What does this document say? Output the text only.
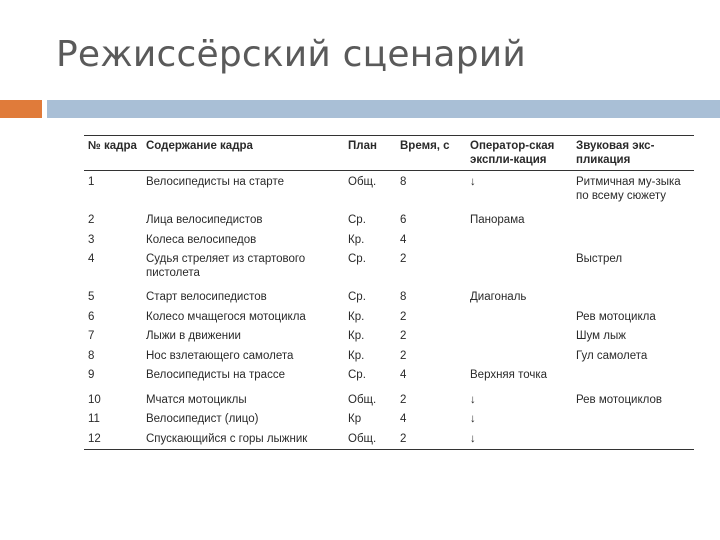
Режиссёрский сценарий
№ кадра	Содержание кадра	План	Время, с	Оператор-ская экспли-кация	Звуковая экс-пликация
1	Велосипедисты на старте	Общ.	8	↓	Ритмичная му-зыка по всему сюжету
2	Лица велосипедистов	Ср.	6	Панорама	
3	Колеса велосипедов	Кр.	4		
4	Судья стреляет из стартового пистолета	Ср.	2		Выстрел
5	Старт велосипедистов	Ср.	8	Диагональ	
6	Колесо мчащегося мотоцикла	Кр.	2		Рев мотоцикла
7	Лыжи в движении	Кр.	2		Шум лыж
8	Нос взлетающего самолета	Кр.	2		Гул самолета
9	Велосипедисты на трассе	Ср.	4	Верхняя точка	
10	Мчатся мотоциклы	Общ.	2	↓	Рев мотоциклов
11	Велосипедист (лицо)	Кр	4	↓	
12	Спускающийся с горы лыжник	Общ.	2	↓	
